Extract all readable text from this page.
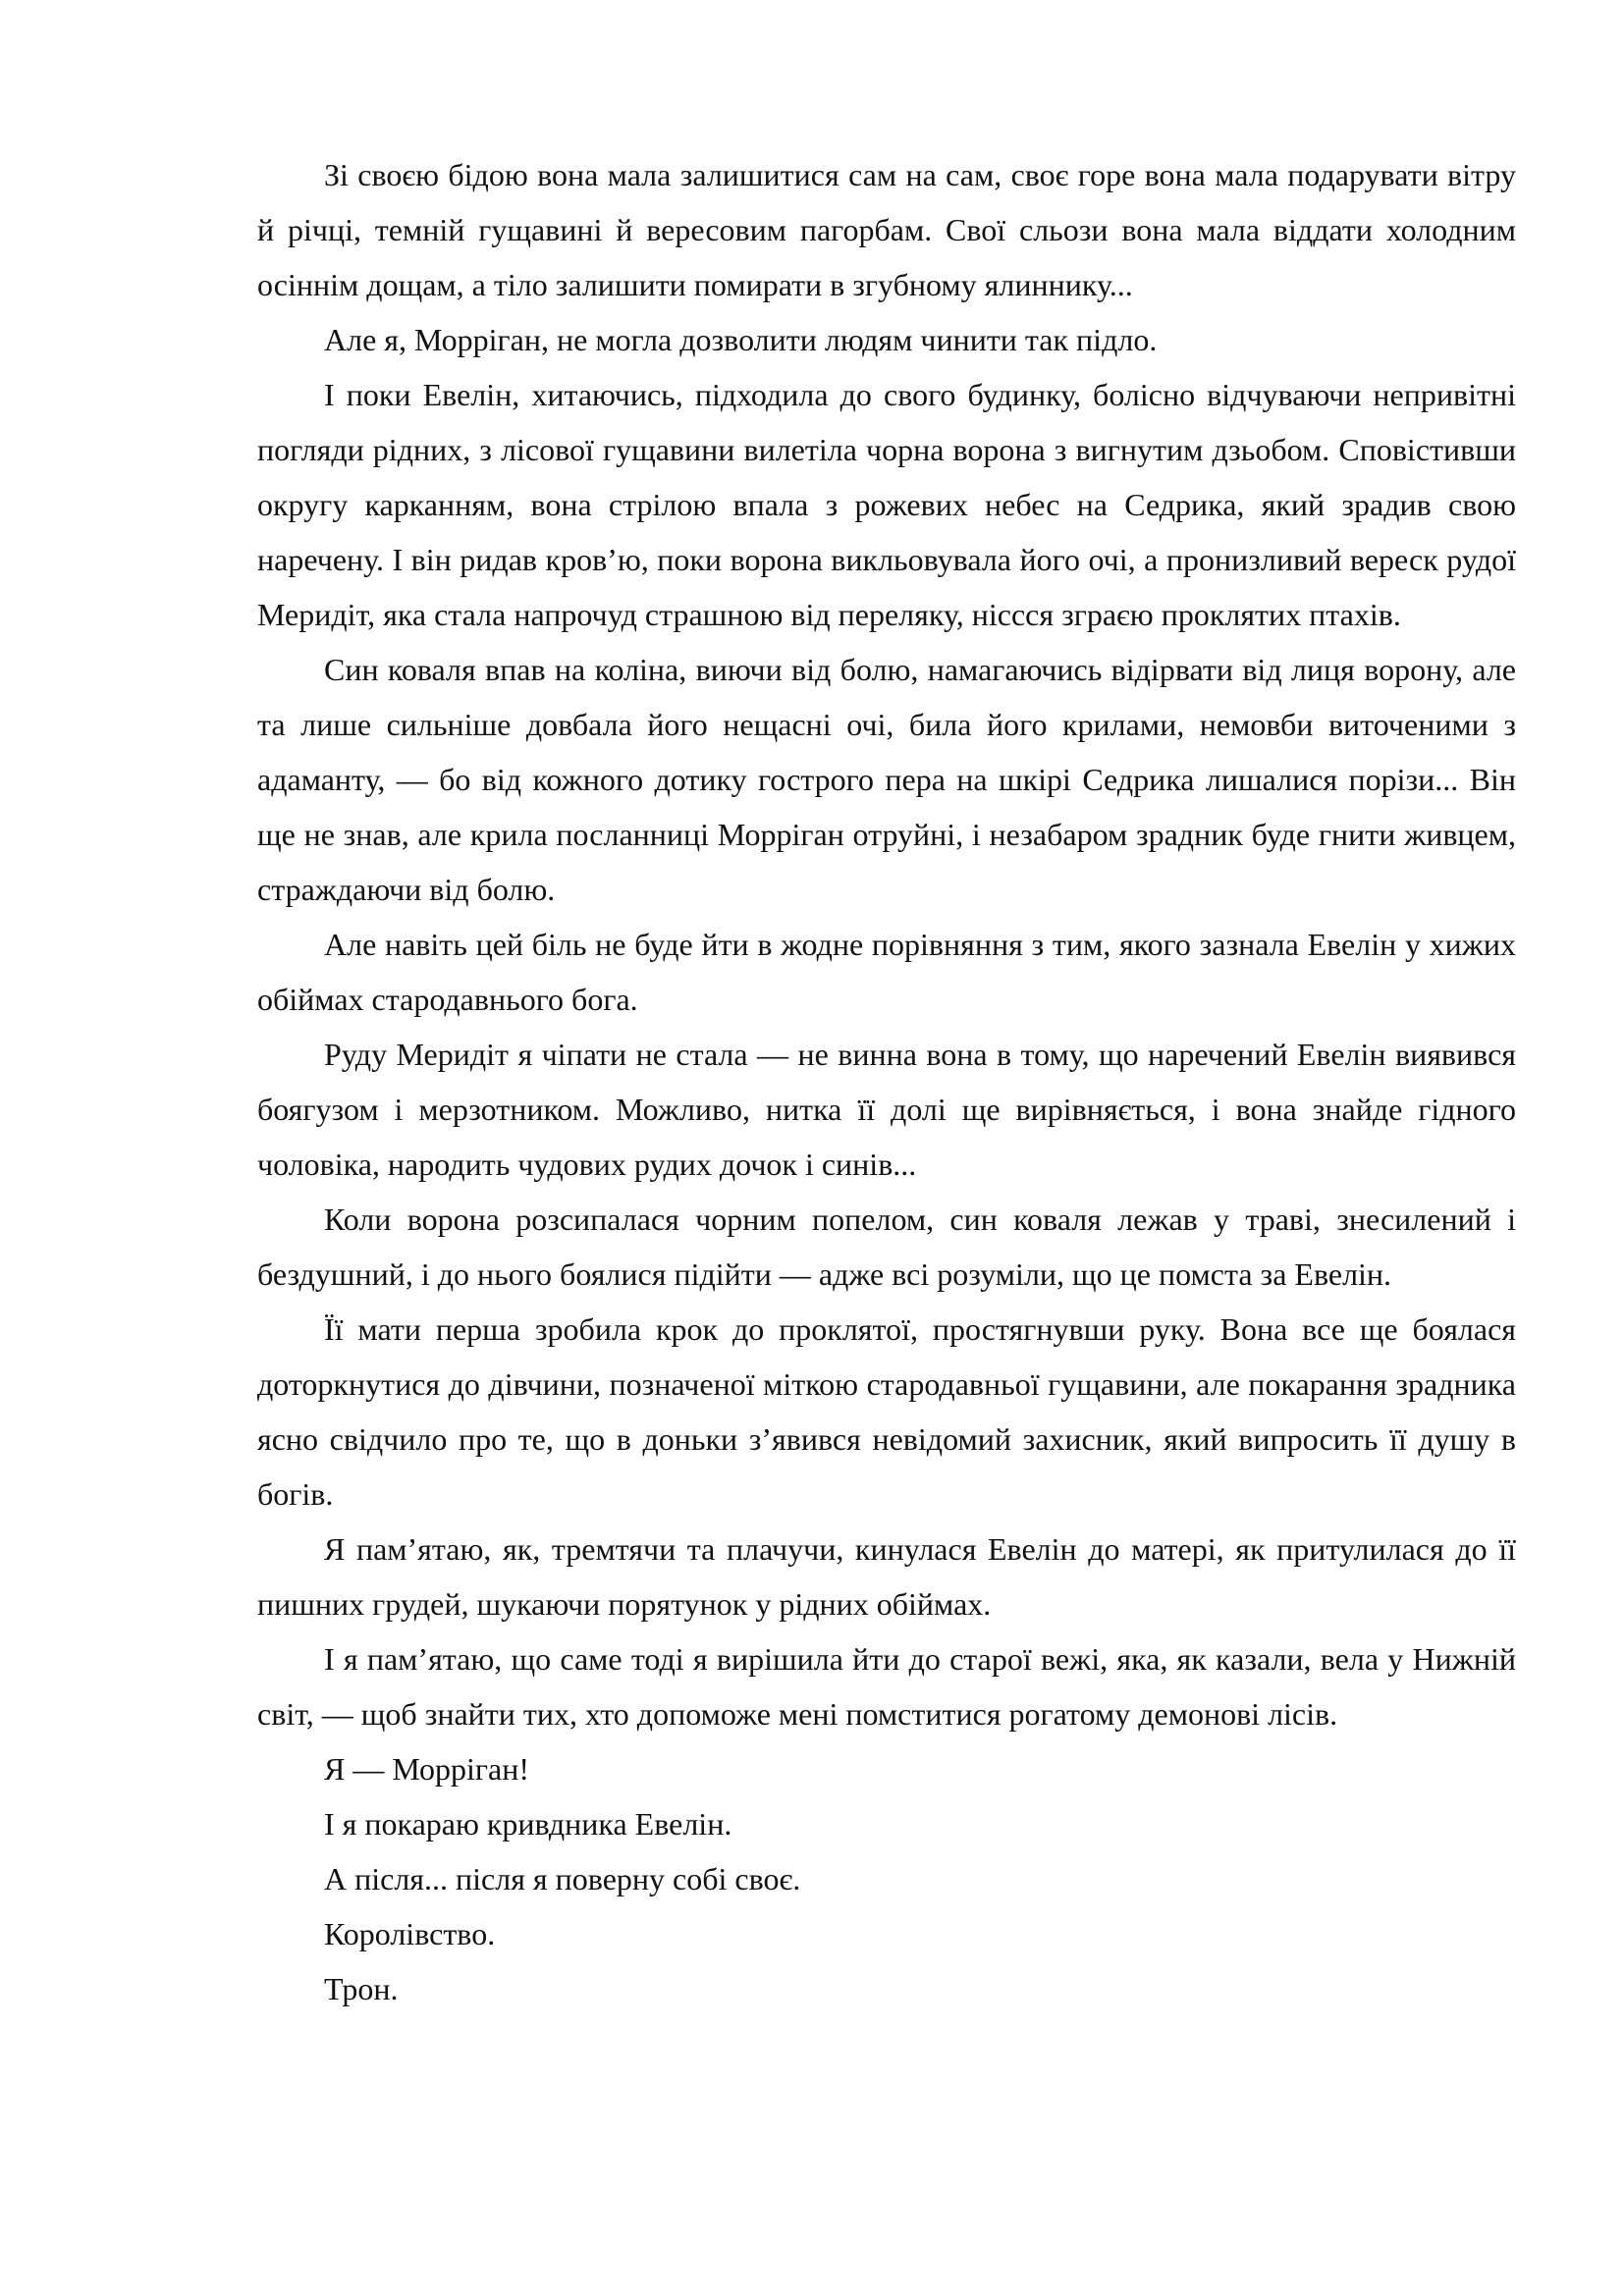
Зі своєю бідою вона мала залишитися сам на сам, своє горе вона мала подарувати вітру й річці, темній гущавині й вересовим пагорбам. Свої сльози вона мала віддати холодним осіннім дощам, а тіло залишити помирати в згубному ялиннику...

Але я, Морріган, не могла дозволити людям чинити так підло.

І поки Евелін, хитаючись, підходила до свого будинку, болісно відчуваючи непривітні погляди рідних, з лісової гущавини вилетіла чорна ворона з вигнутим дзьобом. Сповістивши округу карканням, вона стрілою впала з рожевих небес на Седрика, який зрадив свою наречену. І він ридав кров’ю, поки ворона викльовувала його очі, а пронизливий вереск рудої Меридіт, яка стала напрочуд страшною від переляку, ніссся зграєю проклятих птахів.

Син коваля впав на коліна, виючи від болю, намагаючись відірвати від лиця ворону, але та лише сильніше довбала його нещасні очі, била його крилами, немовби виточеними з адаманту, — бо від кожного дотику гострого пера на шкірі Седрика лишалися порізи... Він ще не знав, але крила посланниці Морріган отруйні, і незабаром зрадник буде гнити живцем, страждаючи від болю.

Але навіть цей біль не буде йти в жодне порівняння з тим, якого зазнала Евелін у хижих обіймах стародавнього бога.

Руду Меридіт я чіпати не стала — не винна вона в тому, що наречений Евелін виявився боягузом і мерзотником. Можливо, нитка її долі ще вирівняється, і вона знайде гідного чоловіка, народить чудових рудих дочок і синів...

Коли ворона розсипалася чорним попелом, син коваля лежав у траві, знесилений і бездушний, і до нього боялися підійти — адже всі розуміли, що це помста за Евелін.

Її мати перша зробила крок до проклятої, простягнувши руку. Вона все ще боялася доторкнутися до дівчини, позначеної міткою стародавньої гущавини, але покарання зрадника ясно свідчило про те, що в доньки з’явився невідомий захисник, який випросить її душу в богів.

Я пам’ятаю, як, тремтячи та плачучи, кинулася Евелін до матері, як притулилася до її пишних грудей, шукаючи порятунок у рідних обіймах.

І я пам’ятаю, що саме тоді я вирішила йти до старої вежі, яка, як казали, вела у Нижній світ, — щоб знайти тих, хто допоможе мені помститися рогатому демонові лісів.

Я — Морріган!

І я покараю кривдника Евелін.

А після... після я поверну собі своє.

Королівство.

Трон.
